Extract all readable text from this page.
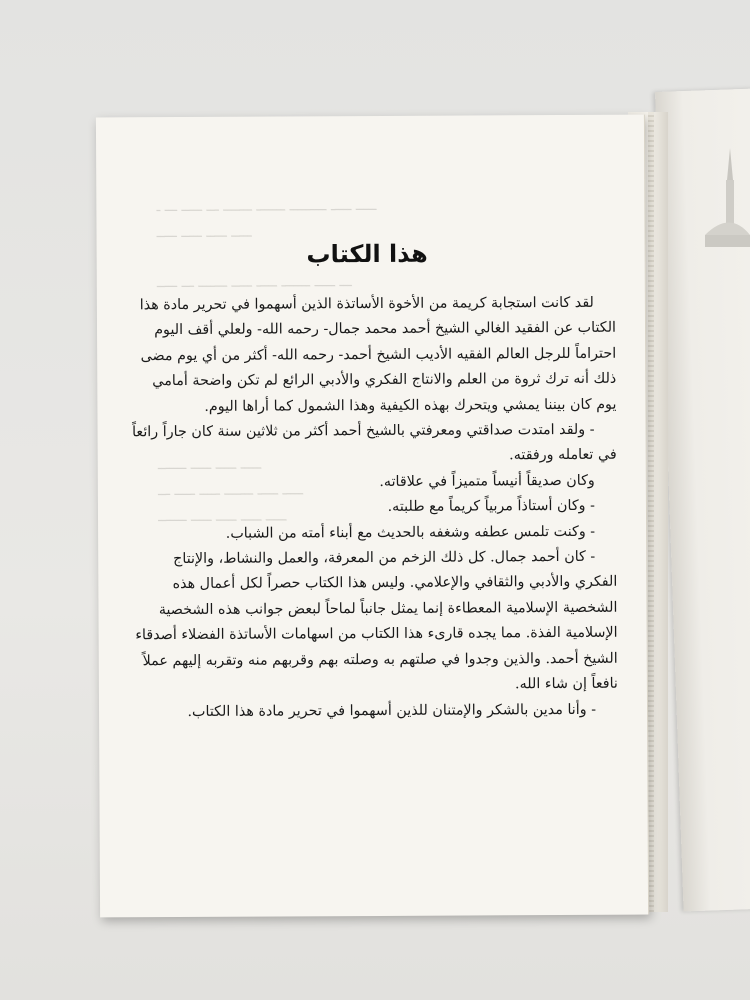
ـ ـــ ـــــ ـــ ـــــــ ـــــــ ـــــــــ ـــــ ـــــ
ـــــ ـــــ ـــــ ـــــ
ـــــ ـــ ـــــــ ـــــ ـــــ ـــــــ ـــــ ـــ
ـــــــ ـــــ ـــــ ـــــ
ـــ ـــــ ـــــ ـــــــ ـــــ ـــــ
ـــــــ ـــــ ـــــ ـــــ ـــــ
هذا الكتاب

لقد كانت استجابة كريمة من الأخوة الأساتذة الذين أسهموا في تحرير مادة هذا الكتاب عن الفقيد الغالي الشيخ أحمد محمد جمال- رحمه الله- ولعلي أقف اليوم احتراماً للرجل العالم الفقيه الأديب الشيخ أحمد- رحمه الله- أكثر من أي يوم مضى ذلك أنه ترك ثروة من العلم والانتاج الفكري والأدبي الرائع لم تكن واضحة أمامي يوم كان بيننا يمشي ويتحرك بهذه الكيفية وهذا الشمول كما أراها اليوم.

- ولقد امتدت صداقتي ومعرفتي بالشيخ أحمد أكثر من ثلاثين سنة كان جاراً رائعاً في تعامله ورفقته.

وكان صديقاً أنيساً متميزاً في علاقاته.

- وكان أستاذاً مربياً كريماً مع طلبته.

- وكنت تلمس عطفه وشغفه بالحديث مع أبناء أمته من الشباب.

- كان أحمد جمال. كل ذلك الزخم من المعرفة، والعمل والنشاط، والإنتاج الفكري والأدبي والثقافي والإعلامي. وليس هذا الكتاب حصراً لكل أعمال هذه الشخصية الإسلامية المعطاءة إنما يمثل جانباً لماحاً لبعض جوانب هذه الشخصية الإسلامية الفذة. مما يجده قارىء هذا الكتاب من اسهامات الأساتذة الفضلاء أصدقاء الشيخ أحمد. والذين وجدوا في صلتهم به وصلته بهم وقربهم منه وتقربه إليهم عملاً نافعاً إن شاء الله.

- وأنا مدين بالشكر والإمتنان للذين أسهموا في تحرير مادة هذا الكتاب.
